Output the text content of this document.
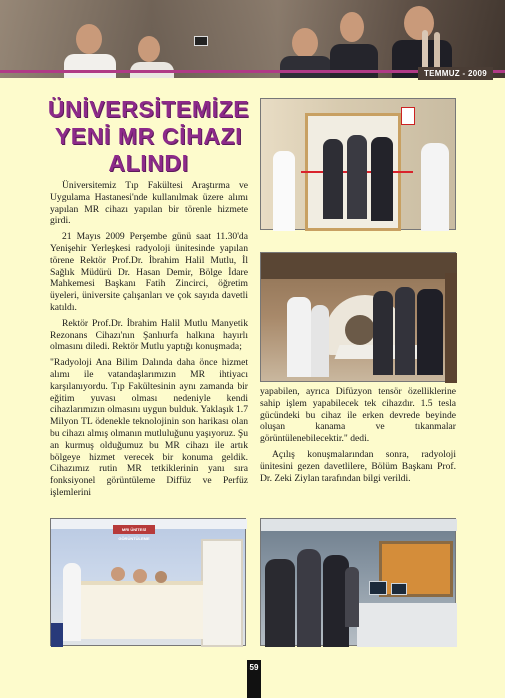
TEMMUZ - 2009
ÜNİVERSİTEMİZE
YENİ MR CİHAZI
ALINDI

Üniversitemiz Tıp Fakültesi Araştırma ve Uygulama Hastanesi'nde kullanılmak üzere alımı yapılan MR cihazı yapılan bir törenle hizmete girdi.

21 Mayıs 2009 Perşembe günü saat 11.30'da Yenişehir Yerleşkesi radyoloji ünitesinde yapılan törene Rektör Prof.Dr. İbrahim Halil Mutlu, İl Sağlık Müdürü Dr. Hasan Demir, Bölge İdare Mahkemesi Başkanı Fatih Zincirci, öğretim üyeleri, üniversite çalışanları ve çok sayıda davetli katıldı.

Rektör Prof.Dr. İbrahim Halil Mutlu Manyetik Rezonans Cihazı'nın Şanlıurfa halkına hayırlı olmasını diledi. Rektör Mutlu yaptığı konuşmada;

"Radyoloji Ana Bilim Dalında daha önce hizmet alımı ile vatandaşlarımızın MR ihtiyacı karşılanıyordu. Tıp Fakültesinin aynı zamanda bir eğitim yuvası olması nedeniyle kendi cihazlarımızın olmasını uygun bulduk. Yaklaşık 1.7 Milyon TL ödenekle teknolojinin son harikası olan bu cihazı almış olmanın mutluluğunu yaşıyoruz. Şu an kurmuş olduğumuz bu MR cihazı ile artık bölgeye hizmet verecek bir konuma geldik. Cihazımız rutin MR tetkiklerinin yanı sıra fonksiyonel görüntüleme Diffüz ve Perfüz işlemlerini

yapabilen, ayrıca Difüzyon tensör özelliklerine sahip işlem yapabilecek tek cihazdır. 1.5 tesla gücündeki bu cihaz ile erken devrede beyinde oluşan kanama ve tıkanmalar görüntülenebilecektir." dedi.

Açılış konuşmalarından sonra, radyoloji ünitesini gezen davetlilere, Bölüm Başkanı Prof. Dr. Zeki Ziylan tarafından bilgi verildi.

MRI ÜNİTESİ GÖRÜNTÜLEME
59
